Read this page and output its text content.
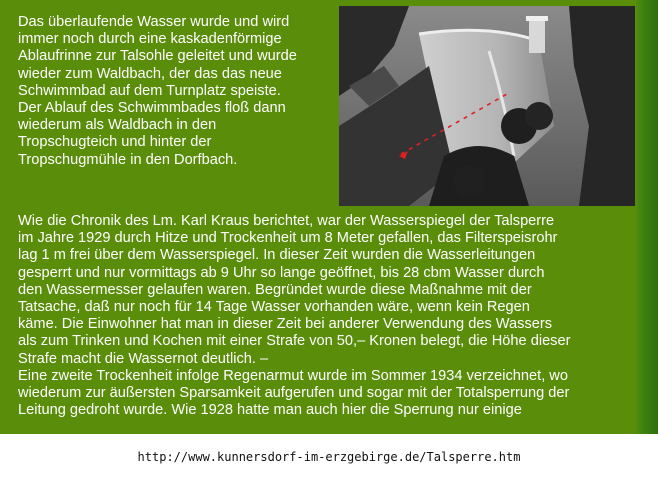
Das überlaufende Wasser wurde und wird
immer noch durch eine kaskadenförmige
Ablaufrinne zur Talsohle geleitet und wurde
wieder zum Waldbach, der das das neue
Schwimmbad auf dem Turnplatz speiste.
Der Ablauf des Schwimmbades floß dann
wiederum als Waldbach in den
Tropschugteich und hinter der
Tropschugmühle in den Dorfbach.

Wie die Chronik des Lm. Karl Kraus berichtet, war der Wasserspiegel der Talsperre
im Jahre 1929 durch Hitze und Trockenheit um 8 Meter gefallen, das Filterspeisrohr
lag 1 m frei über dem Wasserspiegel. In dieser Zeit wurden die Wasserleitungen
gesperrt und nur vormittags ab 9 Uhr so lange geöffnet, bis 28 cbm Wasser durch
den Wassermesser gelaufen waren. Begründet wurde diese Maßnahme mit der
Tatsache, daß nur noch für 14 Tage Wasser vorhanden wäre, wenn kein Regen
käme. Die Einwohner hat man in dieser Zeit bei anderer Verwendung des Wassers
als zum Trinken und Kochen mit einer Strafe von 50,– Kronen belegt, die Höhe dieser
Strafe macht die Wassernot deutlich. –
Eine zweite Trockenheit infolge Regenarmut wurde im Sommer 1934 verzeichnet, wo
wiederum zur äußersten Sparsamkeit aufgerufen und sogar mit der Totalsperrung der
Leitung gedroht wurde. Wie 1928 hatte man auch hier die Sperrung nur einige

http://www.kunnersdorf-im-erzgebirge.de/Talsperre.htm
